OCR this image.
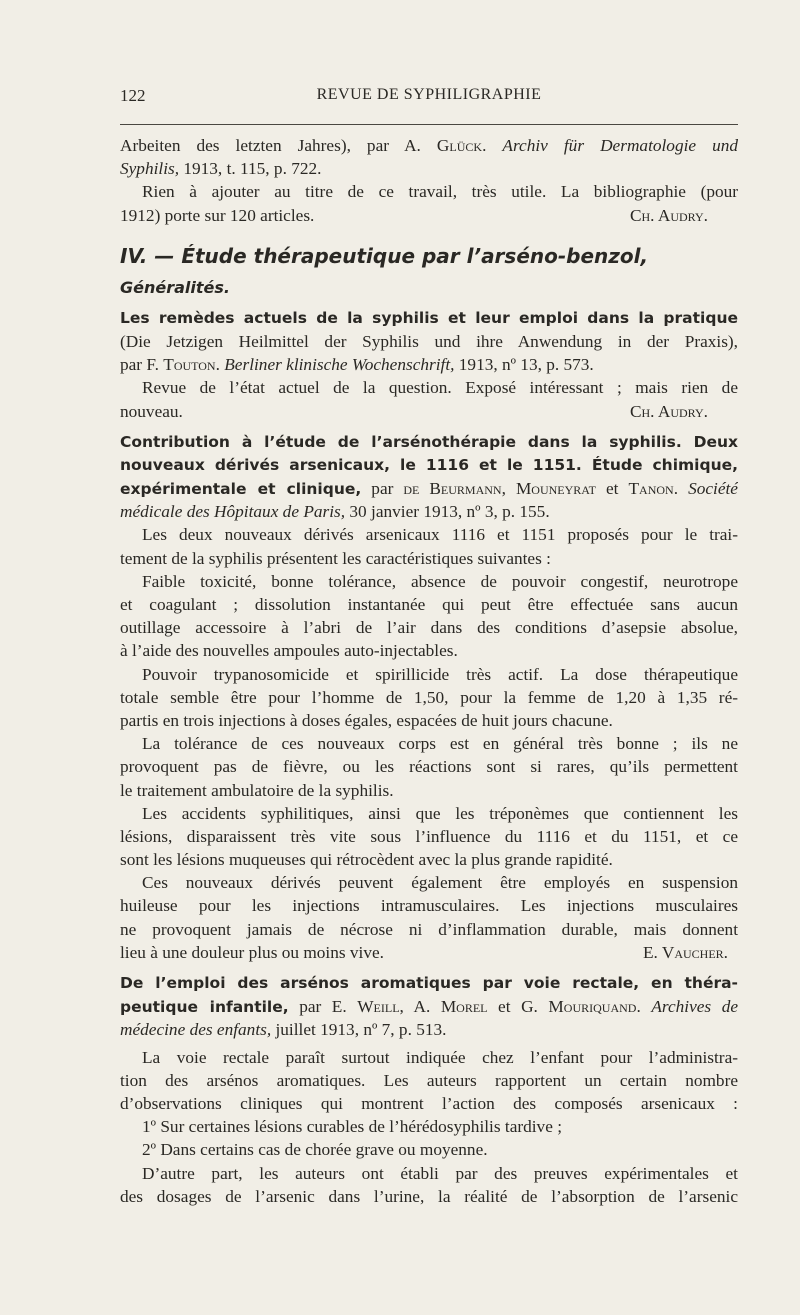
122	REVUE DE SYPHILIGRAPHIE
Arbeiten des letzten Jahres), par A. Glück. Archiv für Dermatologie und
Syphilis, 1913, t. 115, p. 722.
Rien à ajouter au titre de ce travail, très utile. La bibliographie (pour
1912) porte sur 120 articles.	Ch. Audry.
IV. — Étude thérapeutique par l’arséno-benzol,
Généralités.
Les remèdes actuels de la syphilis et leur emploi dans la pratique
(Die Jetzigen Heilmittel der Syphilis und ihre Anwendung in der Praxis),
par F. Touton. Berliner klinische Wochenschrift, 1913, nº 13, p. 573.
Revue de l’état actuel de la question. Exposé intéressant ; mais rien de
nouveau.	Ch. Audry.
Contribution à l’étude de l’arsénothérapie dans la syphilis. Deux
nouveaux dérivés arsenicaux, le 1116 et le 1151. Étude chimique,
expérimentale et clinique, par de Beurmann, Mouneyrat et Tanon. Société
médicale des Hôpitaux de Paris, 30 janvier 1913, nº 3, p. 155.
Les deux nouveaux dérivés arsenicaux 1116 et 1151 proposés pour le trai-
tement de la syphilis présentent les caractéristiques suivantes :
Faible toxicité, bonne tolérance, absence de pouvoir congestif, neurotrope
et coagulant ; dissolution instantanée qui peut être effectuée sans aucun
outillage accessoire à l’abri de l’air dans des conditions d’asepsie absolue,
à l’aide des nouvelles ampoules auto-injectables.
Pouvoir trypanosomicide et spirillicide très actif. La dose thérapeutique
totale semble être pour l’homme de 1,50, pour la femme de 1,20 à 1,35 ré-
partis en trois injections à doses égales, espacées de huit jours chacune.
La tolérance de ces nouveaux corps est en général très bonne ; ils ne
provoquent pas de fièvre, ou les réactions sont si rares, qu’ils permettent
le traitement ambulatoire de la syphilis.
Les accidents syphilitiques, ainsi que les tréponèmes que contiennent les
lésions, disparaissent très vite sous l’influence du 1116 et du 1151, et ce
sont les lésions muqueuses qui rétrocèdent avec la plus grande rapidité.
Ces nouveaux dérivés peuvent également être employés en suspension
huileuse pour les injections intramusculaires. Les injections musculaires
ne provoquent jamais de nécrose ni d’inflammation durable, mais donnent
lieu à une douleur plus ou moins vive.	E. Vaucher.
De l’emploi des arsénos aromatiques par voie rectale, en théra-
peutique infantile, par E. Weill, A. Morel et G. Mouriquand. Archives de
médecine des enfants, juillet 1913, nº 7, p. 513.
La voie rectale paraît surtout indiquée chez l’enfant pour l’administra-
tion des arsénos aromatiques. Les auteurs rapportent un certain nombre
d’observations cliniques qui montrent l’action des composés arsenicaux :
1º Sur certaines lésions curables de l’hérédosyphilis tardive ;
2º Dans certains cas de chorée grave ou moyenne.
D’autre part, les auteurs ont établi par des preuves expérimentales et
des dosages de l’arsenic dans l’urine, la réalité de l’absorption de l’arsenic
